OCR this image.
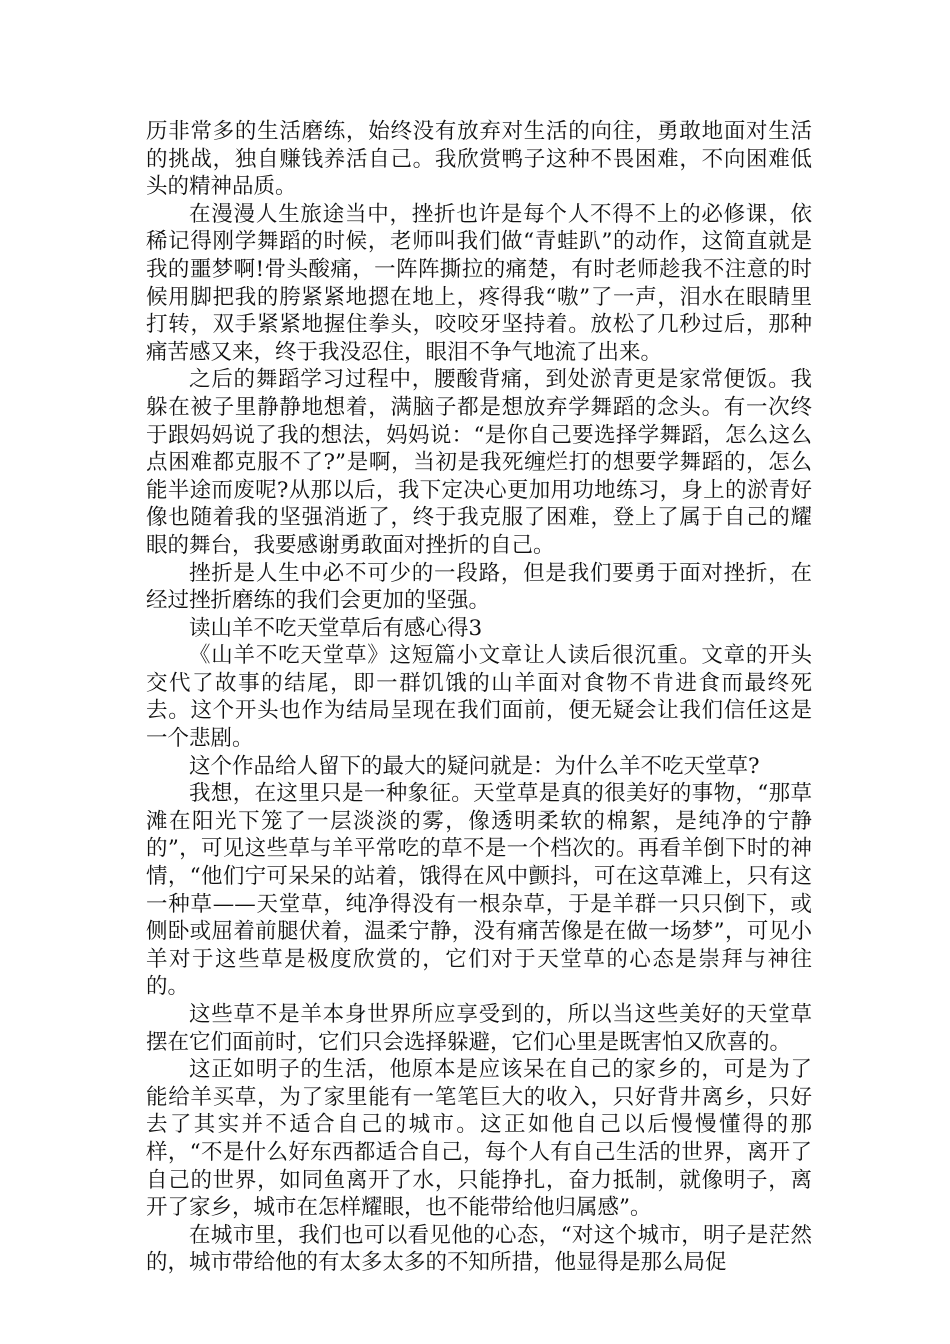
历非常多的生活磨练，始终没有放弃对生活的向往，勇敢地面对生活的挑战，独自赚钱养活自己。我欣赏鸭子这种不畏困难，不向困难低头的精神品质。

在漫漫人生旅途当中，挫折也许是每个人不得不上的必修课，依稀记得刚学舞蹈的时候，老师叫我们做“青蛙趴”的动作，这简直就是我的噩梦啊!骨头酸痛，一阵阵撕拉的痛楚，有时老师趁我不注意的时候用脚把我的胯紧紧地摁在地上，疼得我“嗷”了一声，泪水在眼睛里打转，双手紧紧地握住拳头，咬咬牙坚持着。放松了几秒过后，那种痛苦感又来，终于我没忍住，眼泪不争气地流了出来。

之后的舞蹈学习过程中，腰酸背痛，到处淤青更是家常便饭。我躲在被子里静静地想着，满脑子都是想放弃学舞蹈的念头。有一次终于跟妈妈说了我的想法，妈妈说：“是你自己要选择学舞蹈，怎么这么点困难都克服不了?”是啊，当初是我死缠烂打的想要学舞蹈的，怎么能半途而废呢?从那以后，我下定决心更加用功地练习，身上的淤青好像也随着我的坚强消逝了，终于我克服了困难，登上了属于自己的耀眼的舞台，我要感谢勇敢面对挫折的自己。

挫折是人生中必不可少的一段路，但是我们要勇于面对挫折，在经过挫折磨练的我们会更加的坚强。

读山羊不吃天堂草后有感心得3

《山羊不吃天堂草》这短篇小文章让人读后很沉重。文章的开头交代了故事的结尾，即一群饥饿的山羊面对食物不肯进食而最终死去。这个开头也作为结局呈现在我们面前，便无疑会让我们信任这是一个悲剧。

这个作品给人留下的最大的疑问就是：为什么羊不吃天堂草?

我想，在这里只是一种象征。天堂草是真的很美好的事物，“那草滩在阳光下笼了一层淡淡的雾，像透明柔软的棉絮，是纯净的宁静的”，可见这些草与羊平常吃的草不是一个档次的。再看羊倒下时的神情，“他们宁可呆呆的站着，饿得在风中颤抖，可在这草滩上，只有这一种草——天堂草，纯净得没有一根杂草，于是羊群一只只倒下，或侧卧或屈着前腿伏着，温柔宁静，没有痛苦像是在做一场梦”，可见小羊对于这些草是极度欣赏的，它们对于天堂草的心态是崇拜与神往的。

这些草不是羊本身世界所应享受到的，所以当这些美好的天堂草摆在它们面前时，它们只会选择躲避，它们心里是既害怕又欣喜的。

这正如明子的生活，他原本是应该呆在自己的家乡的，可是为了能给羊买草，为了家里能有一笔笔巨大的收入，只好背井离乡，只好去了其实并不适合自己的城市。这正如他自己以后慢慢懂得的那样，“不是什么好东西都适合自己，每个人有自己生活的世界，离开了自己的世界，如同鱼离开了水，只能挣扎，奋力抵制，就像明子，离开了家乡，城市在怎样耀眼，也不能带给他归属感”。

在城市里，我们也可以看见他的心态，“对这个城市，明子是茫然的，城市带给他的有太多太多的不知所措，他显得是那么局促
